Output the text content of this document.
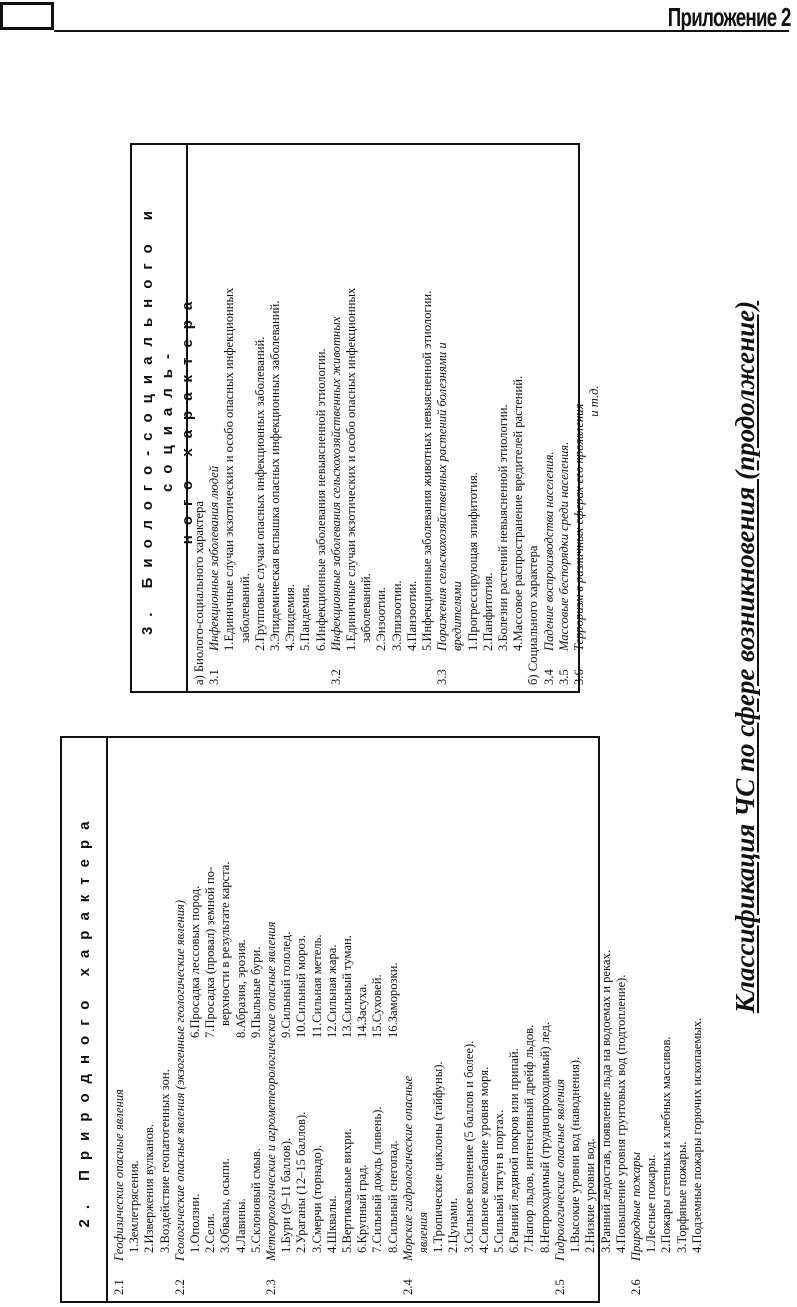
Приложение 2
2. Природного характера
2.1
Геофизические опасные явления 1.Землетрясения. 2.Извержения вулканов. 3.Воздействие геопатогенных зон.
2.2
Геологические опасные явления (экзогенные геологические явления) 1.Оползни.
6.Просадка лессовых пород.
2.Сели.
7.Просадка (провал) земной по-
3.Обвалы, осыпи.
верхности в результате карста.
4.Лавины.
8.Абразия, эрозия.
5.Склоновый смыв.
9.Пыльные бури.
2.3
Метеорологические и агрометеорологические опасные явления 1.Бури (9–11 баллов).
9.Сильный гололед.
2.Ураганы (12–15 баллов).
10.Сильный мороз.
3.Смерчи (торнадо).
11.Сильная метель.
4.Шквалы.
12.Сильная жара.
5.Вертикальные вихри.
13.Сильный туман.
6.Крупный град.
14.Засуха.
7.Сильный дождь (ливень).
15.Суховей.
8.Сильный снегопад.
16.Заморозки.
2.4
Морские гидрологические опасные явления 1.Тропические циклоны (тайфуны). 2.Цунами. 3.Сильное волнение (5 баллов и более). 4.Сильное колебание уровня моря. 5.Сильный тягун в портах. 6.Ранний ледяной покров или припай. 7.Напор льдов, интенсивный дрейф льдов. 8.Непроходимый (труднопроходимый) лед.
2.5
Гидрологические опасные явления 1.Высокие уровни вод (наводнения). 2.Низкие уровни вод. 3.Ранний ледостав, появление льда на водоемах и реках. 4.Повышение уровня грунтовых вод (подтопление).
2.6
Природные пожары 1.Лесные пожары. 2.Пожары степных и хлебных массивов. 3.Торфяные пожары. 4.Подземные пожары горючих ископаемых.
3. Биолого-социального и социаль- ного характера
а) Биолого-социального характера 3.1
Инфекционные заболевания людей 1.Единичные случаи экзотических и особо опасных инфекционных заболеваний. 2.Групповые случаи опасных инфекционных заболеваний. 3.Эпидемическая вспышка опасных инфекционных заболеваний. 4.Эпидемия. 5.Пандемия. 6.Инфекционные заболевания невыясненной этиологии.
3.2
Инфекционные заболевания сельскохозяйственных животных 1.Единичные случаи экзотических и особо опасных инфекционных заболеваний. 2.Энзоотии. 3.Эпизоотии. 4.Панзоотии. 5.Инфекционные заболевания животных невыясненной этиологии.
3.3
Поражения сельскохозяйственных растений болезнями и вредителями 1.Прогрессирующая эпифитотия. 2.Панфитотия. 3.Болезни растений невыясненной этиологии. 4.Массовое распространение вредителей растений. б) Социального характера 3.4
Падение воспроизводства населения.
3.5
Массовые беспорядки среди населения.
3.6
Терроризм в различных сферах его проявления
и т.д.	Классификация ЧС по сфере возникновения (продолжение)
